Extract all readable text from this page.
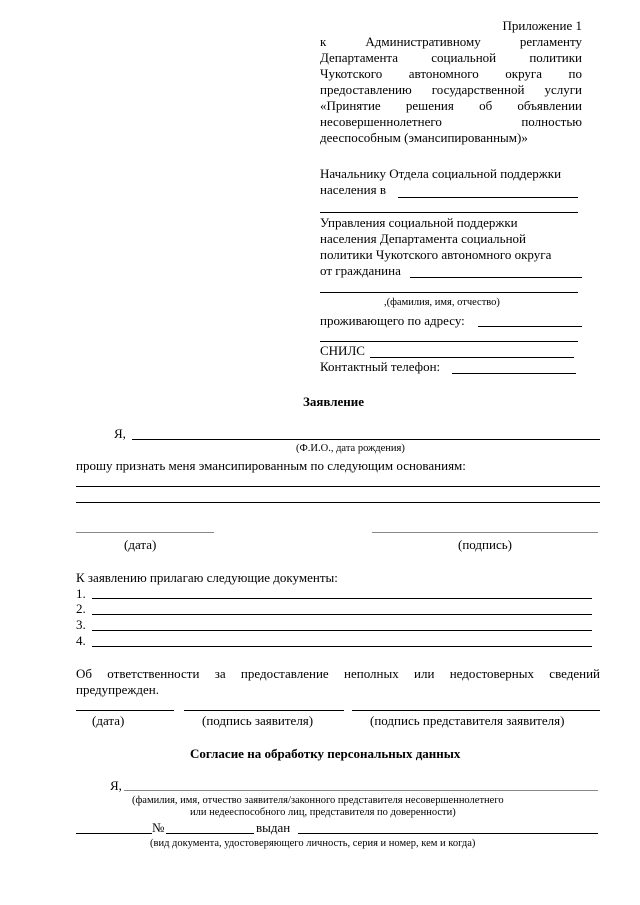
Приложение 1
к Административному регламенту
Департамента социальной политики
Чукотского автономного округа по
предоставлению государственной услуги
«Принятие решения об объявлении
несовершеннолетнего полностью
дееспособным (эмансипированным)»
Начальнику Отдела социальной поддержки
населения в
Управления социальной поддержки
населения Департамента социальной
политики Чукотского автономного округа
от гражданина
,(фамилия, имя, отчество)
проживающего по адресу:
СНИЛС
Контактный телефон:
Заявление
Я,
(Ф.И.О., дата рождения)
прошу признать меня эмансипированным по следующим основаниям:
(дата)	(подпись)
К заявлению прилагаю следующие документы:
1.
2.
3.
4.
Об ответственности за предоставление неполных или недостоверных сведений
предупрежден.
(дата)	(подпись заявителя)	(подпись представителя заявителя)
Согласие на обработку персональных данных
Я,
(фамилия, имя, отчество заявителя/законного представителя несовершеннолетнего
или недееспособного лиц, представителя по доверенности)
№	выдан
(вид документа, удостоверяющего личность, серия и номер, кем и когда)
